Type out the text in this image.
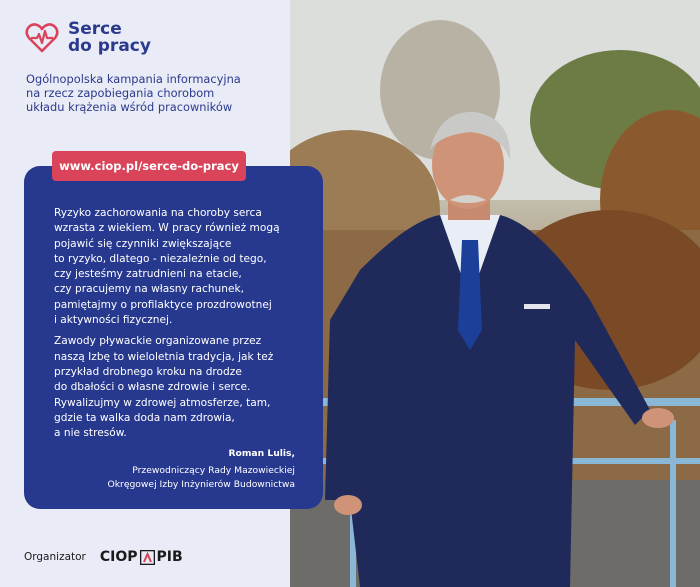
Serce
do pracy
Ogólnopolska kampania informacyjna
na rzecz zapobiegania chorobom
układu krążenia wśród pracowników
www.ciop.pl/serce-do-pracy

Ryzyko zachorowania na choroby serca
wzrasta z wiekiem. W pracy również mogą
pojawić się czynniki zwiększające
to ryzyko, dlatego - niezależnie od tego,
czy jesteśmy zatrudnieni na etacie,
czy pracujemy na własny rachunek,
pamiętajmy o profilaktyce prozdrowotnej
i aktywności fizycznej.

Zawody pływackie organizowane przez
naszą Izbę to wieloletnia tradycja, jak też
przykład drobnego kroku na drodze
do dbałości o własne zdrowie i serce.
Rywalizujmy w zdrowej atmosferze, tam,
gdzie ta walka doda nam zdrowia,
a nie stresów.

Roman Lulis,
Przewodniczący Rady Mazowieckiej
Okręgowej Izby Inżynierów Budownictwa
Organizator CIOP PIB
